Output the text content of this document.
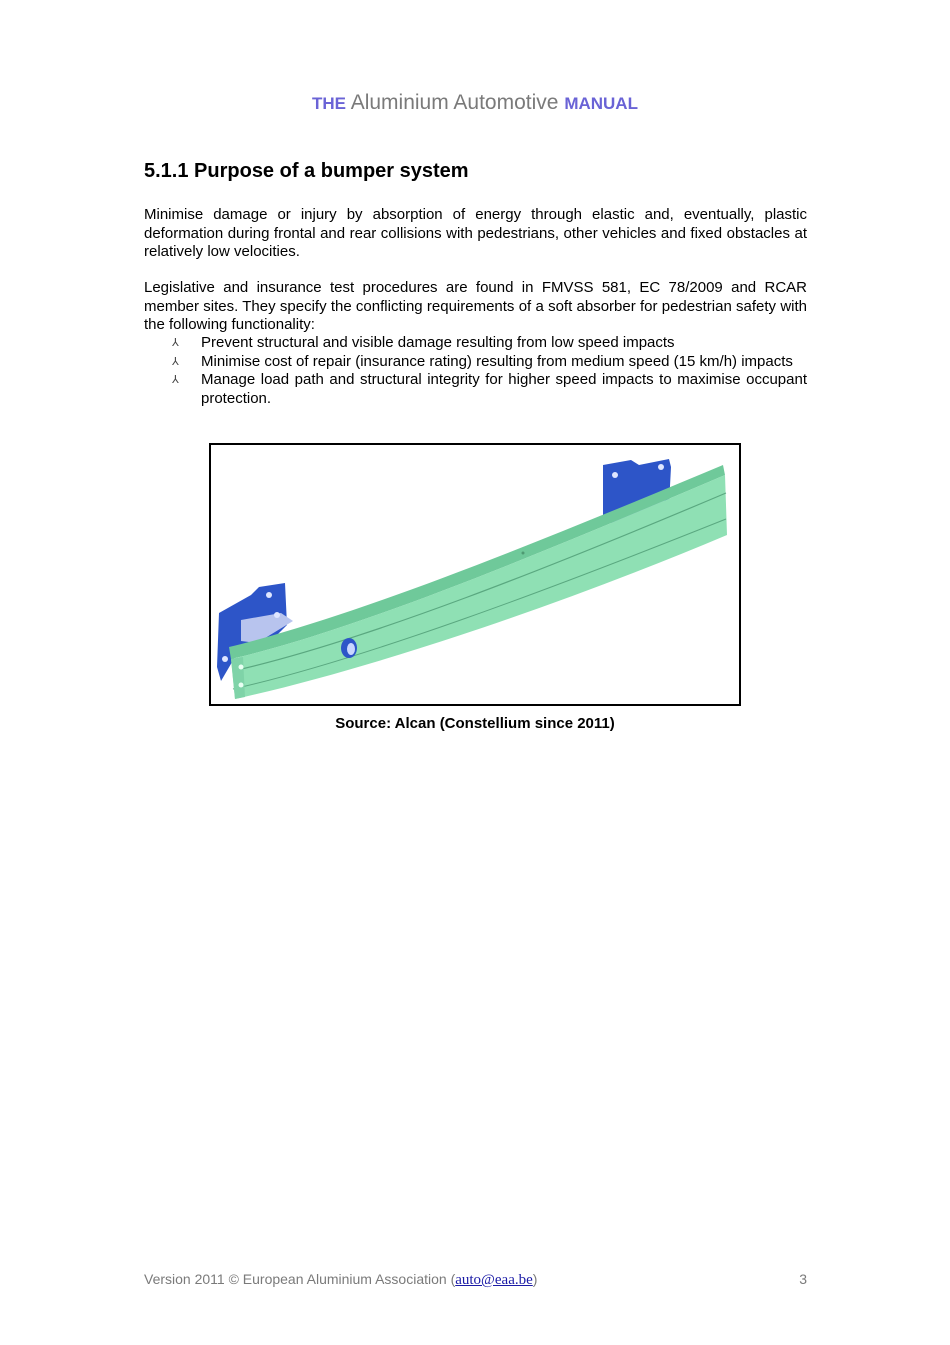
THE Aluminium Automotive MANUAL
5.1.1 Purpose of a bumper system

Minimise damage or injury by absorption of energy through elastic and, eventually, plastic deformation during frontal and rear collisions with pedestrians, other vehicles and fixed obstacles at relatively low velocities.

Legislative and insurance test procedures are found in FMVSS 581, EC 78/2009 and RCAR member sites. They specify the conflicting requirements of a soft absorber for pedestrian safety with the following functionality:

⅄ Prevent structural and visible damage resulting from low speed impacts
⅄ Minimise cost of repair (insurance rating) resulting from medium speed (15 km/h) impacts
⅄ Manage load path and structural integrity for higher speed impacts to maximise occupant protection.
Source: Alcan (Constellium since 2011)
Version 2011 © European Aluminium Association (auto@eaa.be)	3
